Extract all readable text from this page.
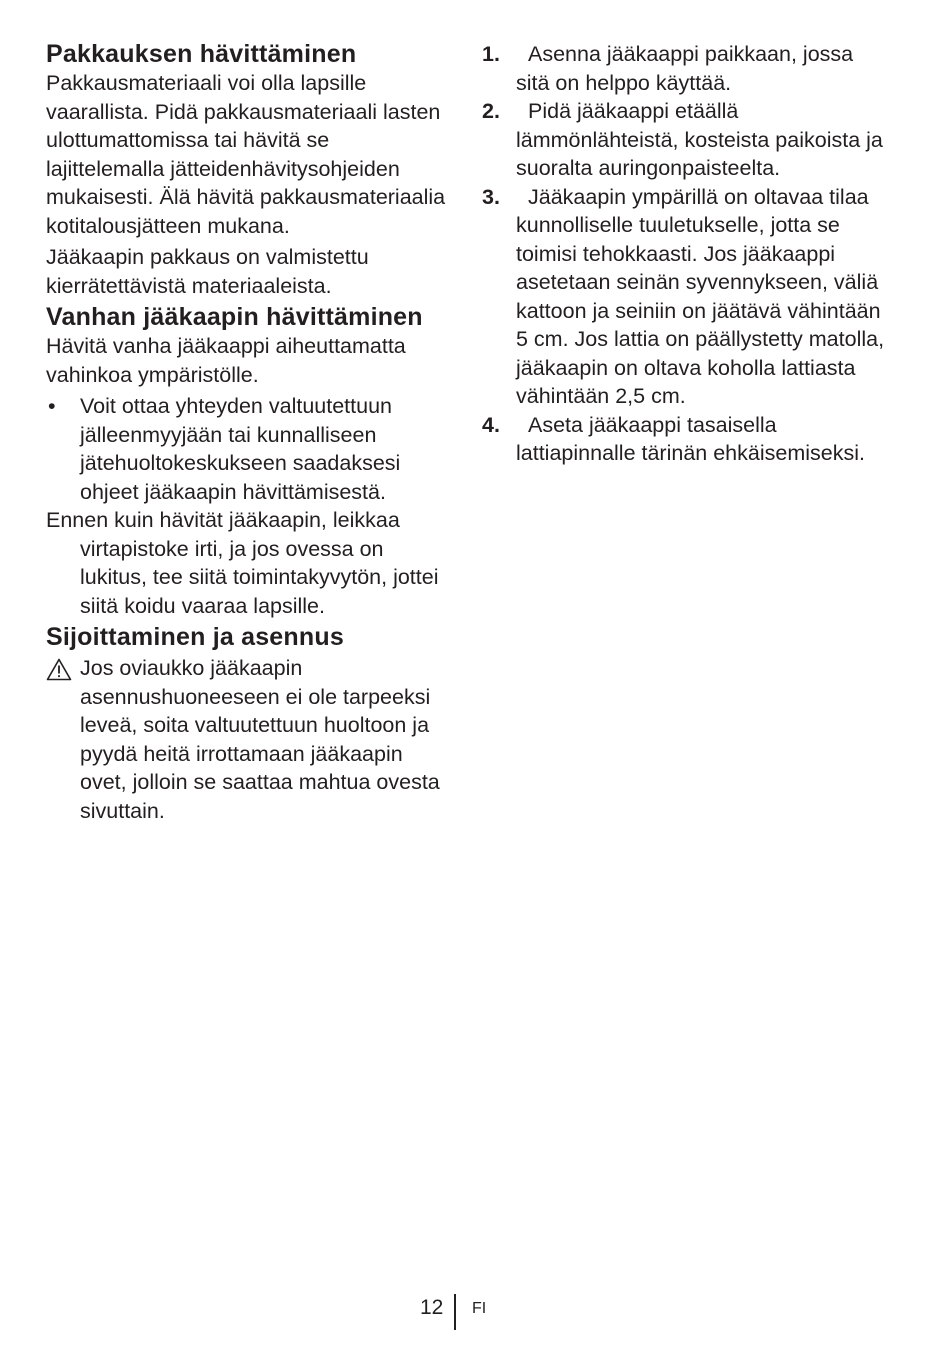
Pakkauksen hävittäminen

Pakkausmateriaali voi olla lapsille vaarallista. Pidä pakkausmateriaali lasten ulottumattomissa tai hävitä se lajittelemalla jätteidenhävitysohjeiden mukaisesti. Älä hävitä pakkausmateriaalia kotitalousjätteen mukana.

Jääkaapin pakkaus on valmistettu kierrätettävistä materiaaleista.

Vanhan jääkaapin hävittäminen

Hävitä vanha jääkaappi aiheuttamatta vahinkoa ympäristölle.

• Voit ottaa yhteyden valtuutettuun jälleenmyyjään tai kunnalliseen jätehuoltokeskukseen saadaksesi ohjeet jääkaapin hävittämisestä.

Ennen kuin hävität jääkaapin, leikkaa virtapistoke irti, ja jos ovessa on lukitus, tee siitä toimintakyvytön, jottei siitä koidu vaaraa lapsille.

Sijoittaminen ja asennus
Jos oviaukko jääkaapin asennushuoneeseen ei ole tarpeeksi leveä, soita valtuutettuun huoltoon ja pyydä heitä irrottamaan jääkaapin ovet, jolloin se saattaa mahtua ovesta sivuttain.
1.	Asenna jääkaappi paikkaan, jossa sitä on helppo käyttää.
2.	Pidä jääkaappi etäällä lämmönlähteistä, kosteista paikoista ja suoralta auringonpaisteelta.
3.	Jääkaapin ympärillä on oltavaa tilaa kunnolliselle tuuletukselle, jotta se toimisi tehokkaasti. Jos jääkaappi asetetaan seinän syvennykseen, väliä kattoon ja seiniin on jäätävä vähintään 5 cm. Jos lattia on päällystetty matolla, jääkaapin on oltava koholla lattiasta vähintään 2,5 cm.
4.	Aseta jääkaappi tasaisella lattiapinnalle tärinän ehkäisemiseksi.
12 FI
